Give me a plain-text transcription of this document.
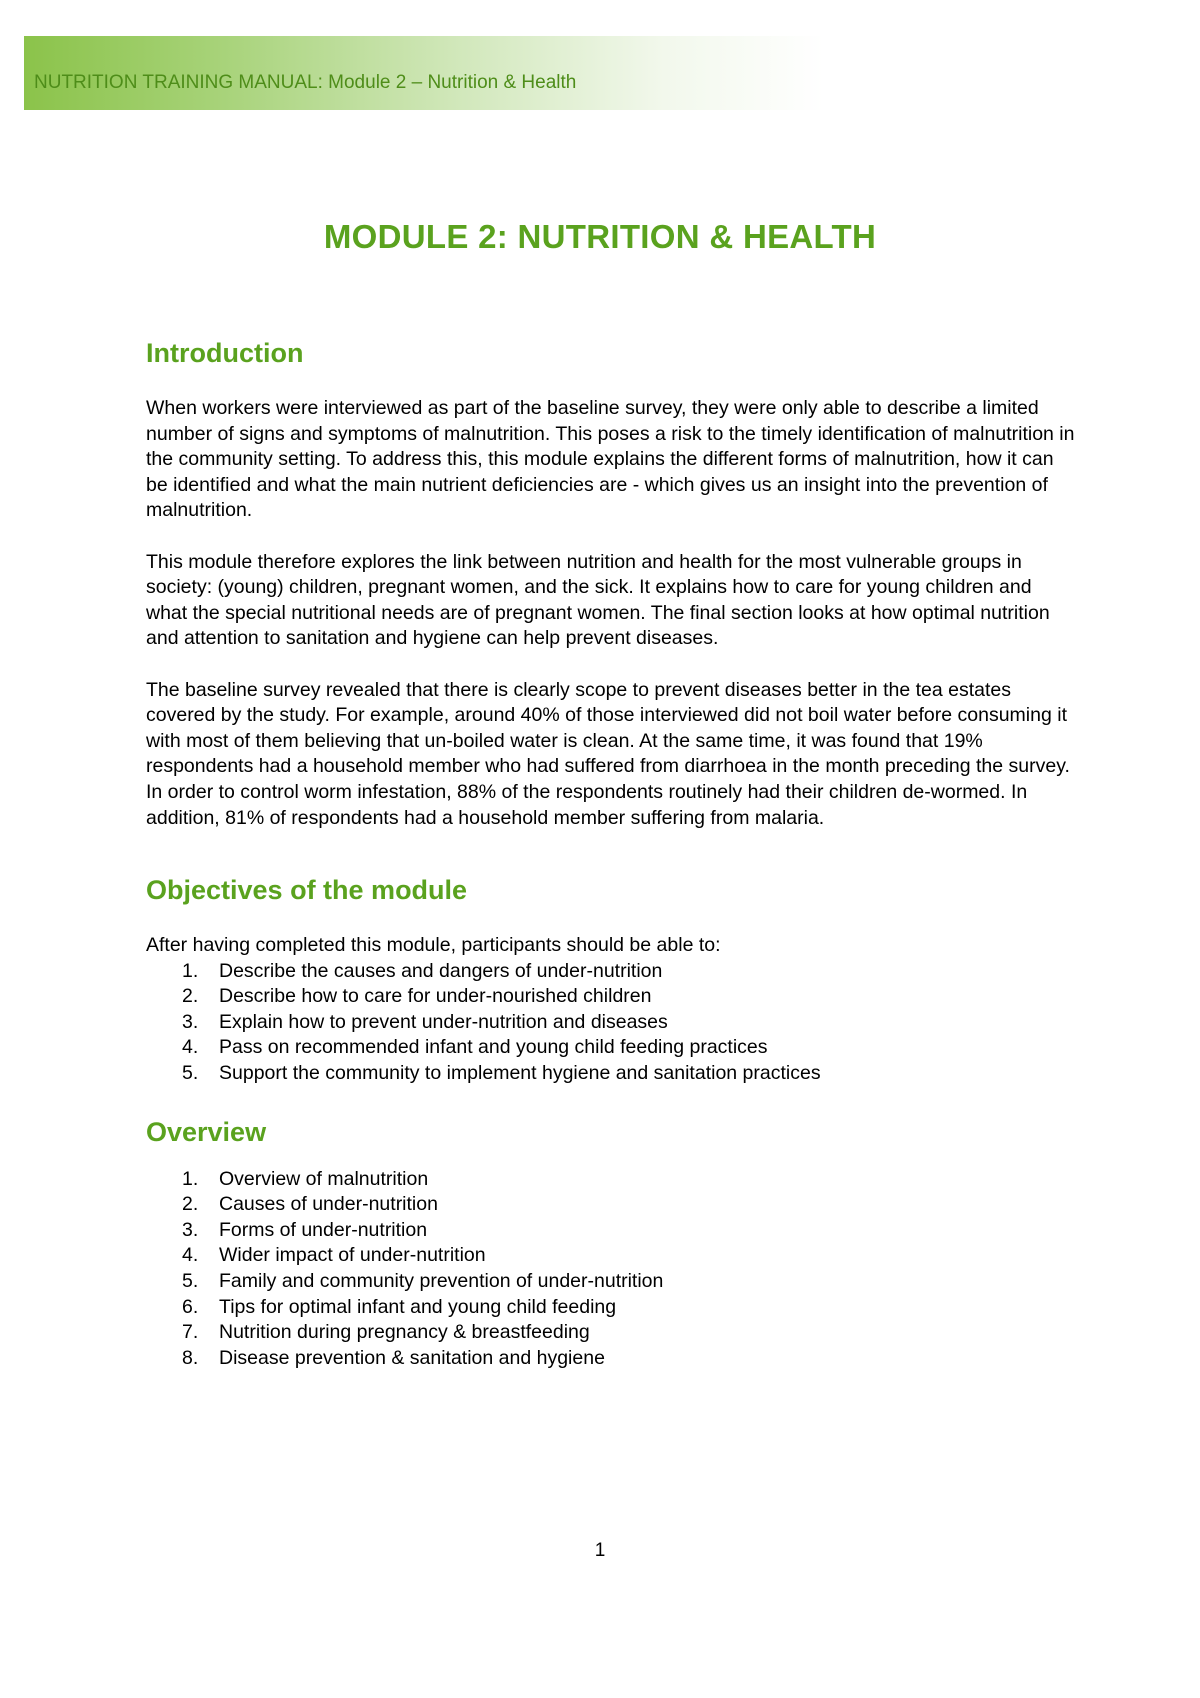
NUTRITION TRAINING MANUAL: Module 2 – Nutrition & Health
MODULE 2: NUTRITION & HEALTH
Introduction

When workers were interviewed as part of the baseline survey, they were only able to describe a limited number of signs and symptoms of malnutrition. This poses a risk to the timely identification of malnutrition in the community setting. To address this, this module explains the different forms of malnutrition, how it can be identified and what the main nutrient deficiencies are - which gives us an insight into the prevention of malnutrition.

This module therefore explores the link between nutrition and health for the most vulnerable groups in society: (young) children, pregnant women, and the sick. It explains how to care for young children and what the special nutritional needs are of pregnant women. The final section looks at how optimal nutrition and attention to sanitation and hygiene can help prevent diseases.

The baseline survey revealed that there is clearly scope to prevent diseases better in the tea estates covered by the study. For example, around 40% of those interviewed did not boil water before consuming it with most of them believing that un-boiled water is clean. At the same time, it was found that 19% respondents had a household member who had suffered from diarrhoea in the month preceding the survey. In order to control worm infestation, 88% of the respondents routinely had their children de-wormed. In addition, 81% of respondents had a household member suffering from malaria.

Objectives of the module

After having completed this module, participants should be able to:

1.	Describe the causes and dangers of under-nutrition
2.	Describe how to care for under-nourished children
3.	Explain how to prevent under-nutrition and diseases
4.	Pass on recommended infant and young child feeding practices
5.	Support the community to implement hygiene and sanitation practices
Overview
1.	Overview of malnutrition
2.	Causes of under-nutrition
3.	Forms of under-nutrition
4.	Wider impact of under-nutrition
5.	Family and community prevention of under-nutrition
6.	Tips for optimal infant and young child feeding
7.	Nutrition during pregnancy & breastfeeding
8.	Disease prevention & sanitation and hygiene
1
